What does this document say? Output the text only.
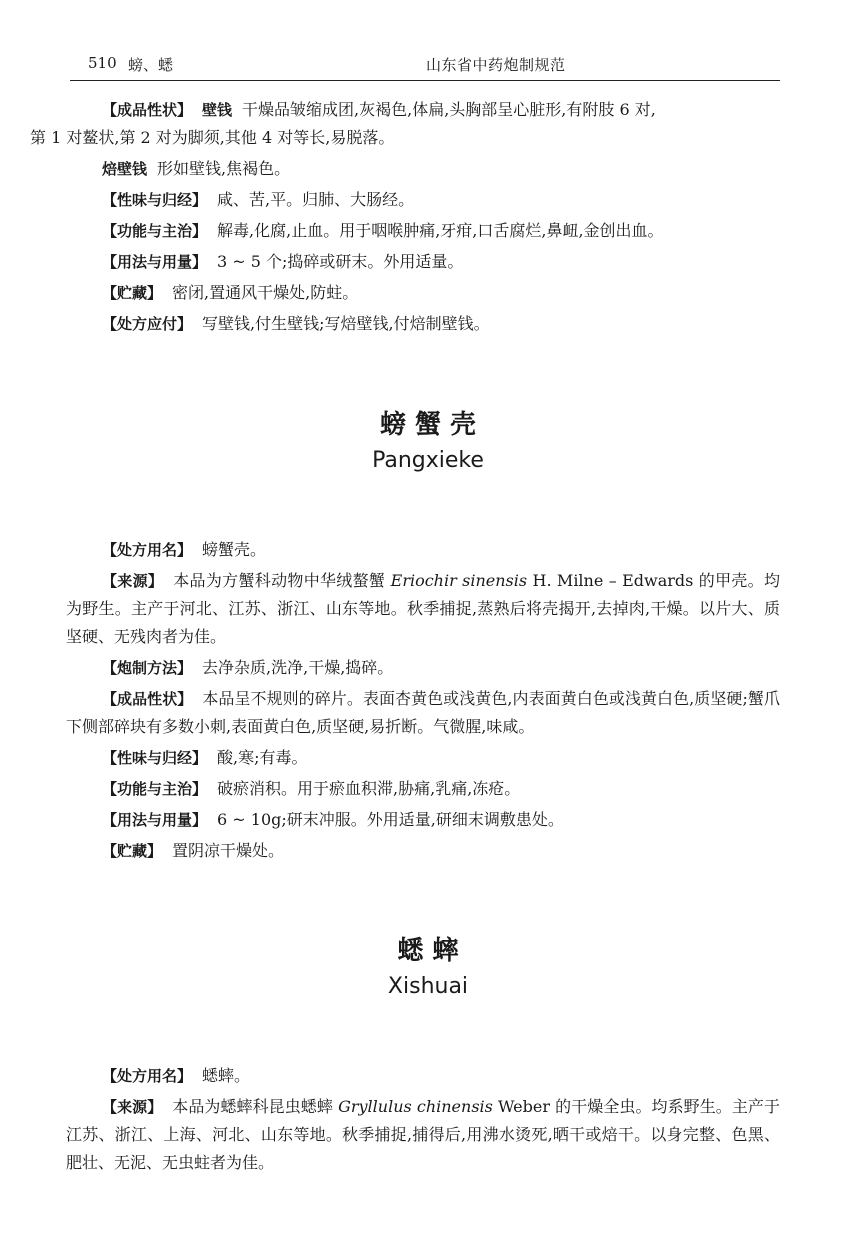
510 螃、蟋	山东省中药炮制规范

【成品性状】 壁钱 干燥品皱缩成团,灰褐色,体扁,头胸部呈心脏形,有附肢 6 对,
第 1 对鳌状,第 2 对为脚须,其他 4 对等长,易脱落。

焙壁钱 形如壁钱,焦褐色。

【性味与归经】 咸、苦,平。归肺、大肠经。

【功能与主治】 解毒,化腐,止血。用于咽喉肿痛,牙疳,口舌腐烂,鼻衄,金创出血。

【用法与用量】 3 ~ 5 个;捣碎或研末。外用适量。

【贮藏】 密闭,置通风干燥处,防蛀。

【处方应付】 写壁钱,付生壁钱;写焙壁钱,付焙制壁钱。

螃 蟹 壳
Pangxieke

【处方用名】 螃蟹壳。

【来源】 本品为方蟹科动物中华绒螯蟹 Eriochir sinensis H. Milne – Edwards 的甲壳。均为野生。主产于河北、江苏、浙江、山东等地。秋季捕捉,蒸熟后将壳揭开,去掉肉,干燥。以片大、质坚硬、无残肉者为佳。

【炮制方法】 去净杂质,洗净,干燥,捣碎。

【成品性状】 本品呈不规则的碎片。表面杏黄色或浅黄色,内表面黄白色或浅黄白色,质坚硬;蟹爪下侧部碎块有多数小刺,表面黄白色,质坚硬,易折断。气微腥,味咸。

【性味与归经】 酸,寒;有毒。

【功能与主治】 破瘀消积。用于瘀血积滞,胁痛,乳痛,冻疮。

【用法与用量】 6 ~ 10g;研末冲服。外用适量,研细末调敷患处。

【贮藏】 置阴凉干燥处。

蟋 蟀
Xishuai

【处方用名】 蟋蟀。

【来源】 本品为蟋蟀科昆虫蟋蟀 Gryllulus chinensis Weber 的干燥全虫。均系野生。主产于江苏、浙江、上海、河北、山东等地。秋季捕捉,捕得后,用沸水烫死,晒干或焙干。以身完整、色黑、肥壮、无泥、无虫蛀者为佳。
